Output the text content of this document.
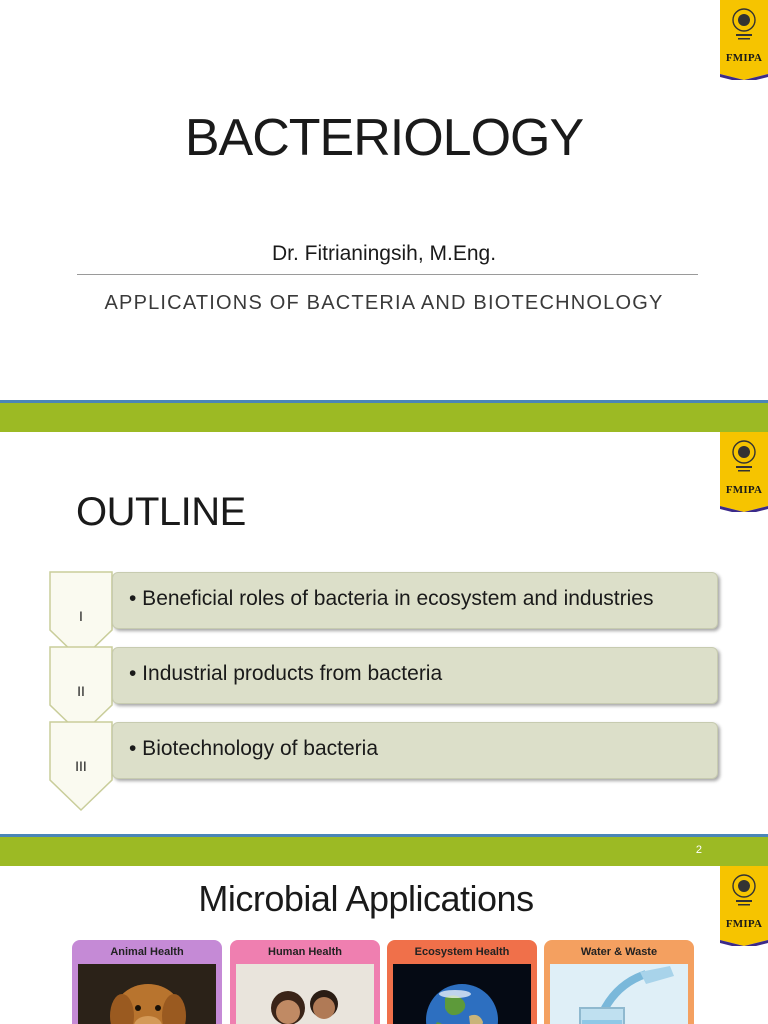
FMIPA
BACTERIOLOGY
Dr. Fitrianingsih, M.Eng.
APPLICATIONS OF BACTERIA AND BIOTECHNOLOGY
FMIPA
OUTLINE
I
• Beneficial roles of bacteria in ecosystem and industries
II
• Industrial products from bacteria
III
• Biotechnology of bacteria
2
FMIPA
Microbial Applications
Animal Health	Human Health	Ecosystem Health	Water & Waste
